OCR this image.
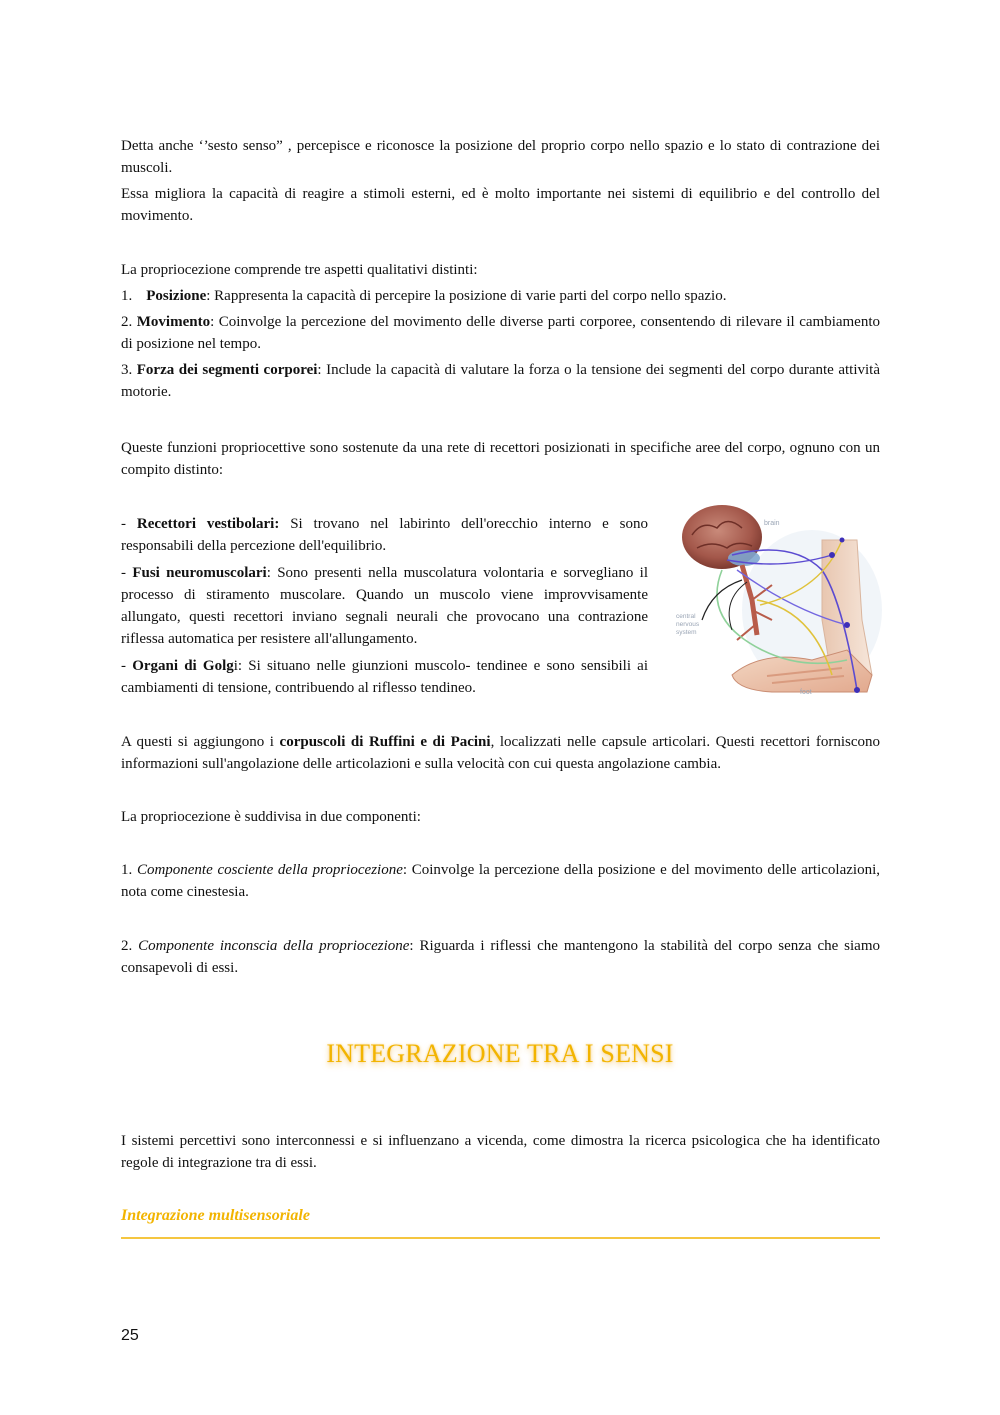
Detta anche ‘’sesto senso” , percepisce e riconosce la posizione del proprio corpo nello spazio e lo stato di contrazione dei muscoli.

Essa migliora la capacità di reagire a stimoli esterni, ed è molto importante nei sistemi di equilibrio e del controllo del movimento.

La propriocezione comprende tre aspetti qualitativi distinti:

1. Posizione: Rappresenta la capacità di percepire la posizione di varie parti del corpo nello spazio.

2. Movimento: Coinvolge la percezione del movimento delle diverse parti corporee, consentendo di rilevare il cambiamento di posizione nel tempo.

3. Forza dei segmenti corporei: Include la capacità di valutare la forza o la tensione dei segmenti del corpo durante attività motorie.

Queste funzioni propriocettive sono sostenute da una rete di recettori posizionati in specifiche aree del corpo, ognuno con un compito distinto:

- Recettori vestibolari: Si trovano nel labirinto dell'orecchio interno e sono responsabili della percezione dell'equilibrio.

- Fusi neuromuscolari: Sono presenti nella muscolatura volontaria e sorvegliano il processo di stiramento muscolare. Quando un muscolo viene improvvisamente allungato, questi recettori inviano segnali neurali che provocano una contrazione riflessa automatica per resistere all'allungamento.

- Organi di Golgi: Si situano nelle giunzioni muscolo- tendinee e sono sensibili ai cambiamenti di tensione, contribuendo al riflesso tendineo.

brain
central
nervous
system
foot

A questi si aggiungono i corpuscoli di Ruffini e di Pacini, localizzati nelle capsule articolari. Questi recettori forniscono informazioni sull'angolazione delle articolazioni e sulla velocità con cui questa angolazione cambia.

La propriocezione è suddivisa in due componenti:

1. Componente cosciente della propriocezione: Coinvolge la percezione della posizione e del movimento delle articolazioni, nota come cinestesia.

2. Componente inconscia della propriocezione: Riguarda i riflessi che mantengono la stabilità del corpo senza che siamo consapevoli di essi.

INTEGRAZIONE TRA I SENSI

I sistemi percettivi sono interconnessi e si influenzano a vicenda, come dimostra la ricerca psicologica che ha identificato regole di integrazione tra di essi.

Integrazione multisensoriale
25
